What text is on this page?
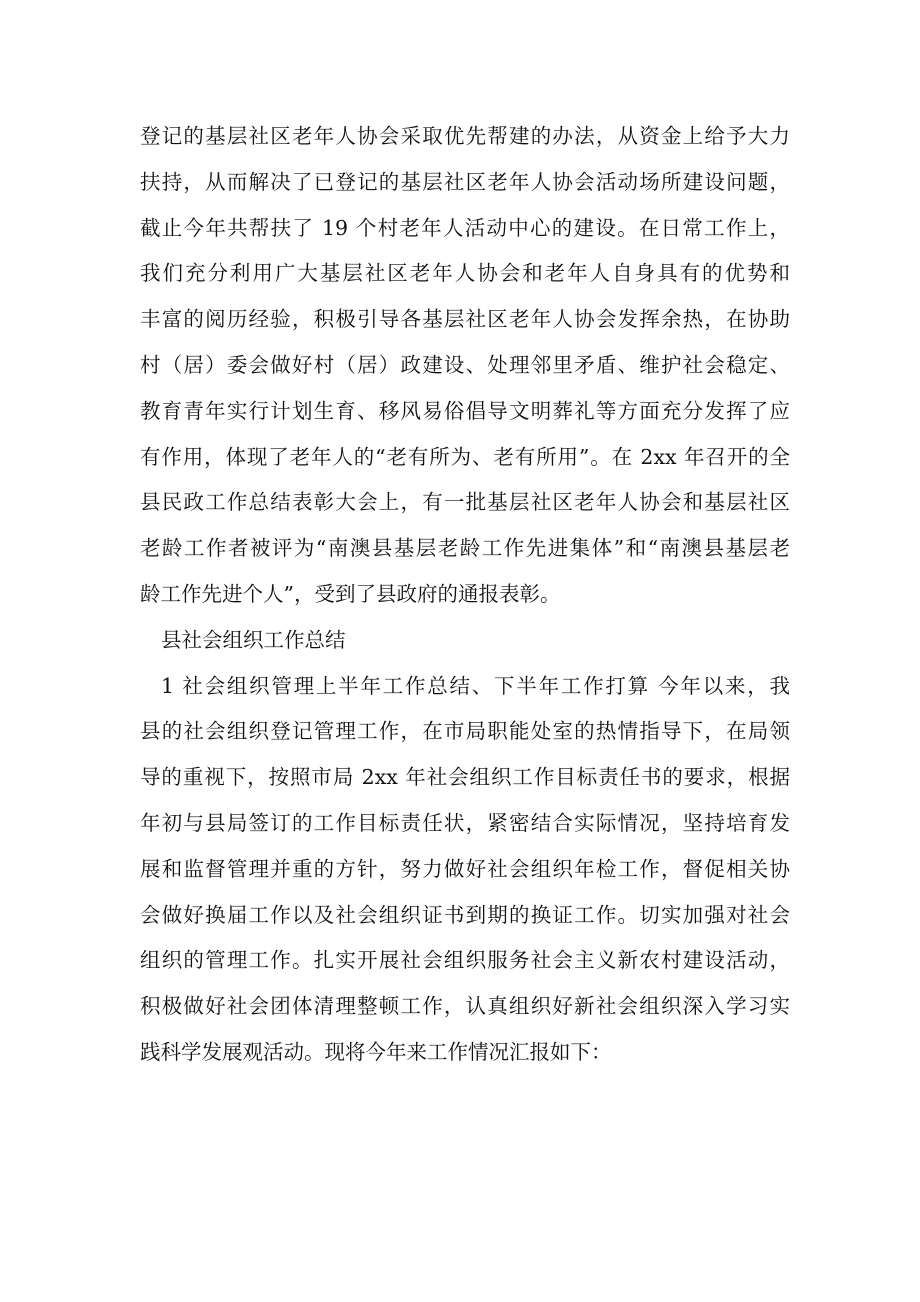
登记的基层社区老年人协会采取优先帮建的办法，从资金上给予大力
扶持，从而解决了已登记的基层社区老年人协会活动场所建设问题，
截止今年共帮扶了 19 个村老年人活动中心的建设。在日常工作上，
我们充分利用广大基层社区老年人协会和老年人自身具有的优势和
丰富的阅历经验，积极引导各基层社区老年人协会发挥余热，在协助
村（居）委会做好村（居）政建设、处理邻里矛盾、维护社会稳定、
教育青年实行计划生育、移风易俗倡导文明葬礼等方面充分发挥了应
有作用，体现了老年人的“老有所为、老有所用”。在 2xx 年召开的全
县民政工作总结表彰大会上，有一批基层社区老年人协会和基层社区
老龄工作者被评为“南澳县基层老龄工作先进集体”和“南澳县基层老
龄工作先进个人”，受到了县政府的通报表彰。
县社会组织工作总结
1 社会组织管理上半年工作总结、下半年工作打算 今年以来，我
县的社会组织登记管理工作，在市局职能处室的热情指导下，在局领
导的重视下，按照市局 2xx 年社会组织工作目标责任书的要求，根据
年初与县局签订的工作目标责任状，紧密结合实际情况，坚持培育发
展和监督管理并重的方针，努力做好社会组织年检工作，督促相关协
会做好换届工作以及社会组织证书到期的换证工作。切实加强对社会
组织的管理工作。扎实开展社会组织服务社会主义新农村建设活动，
积极做好社会团体清理整顿工作，认真组织好新社会组织深入学习实
践科学发展观活动。现将今年来工作情况汇报如下：
